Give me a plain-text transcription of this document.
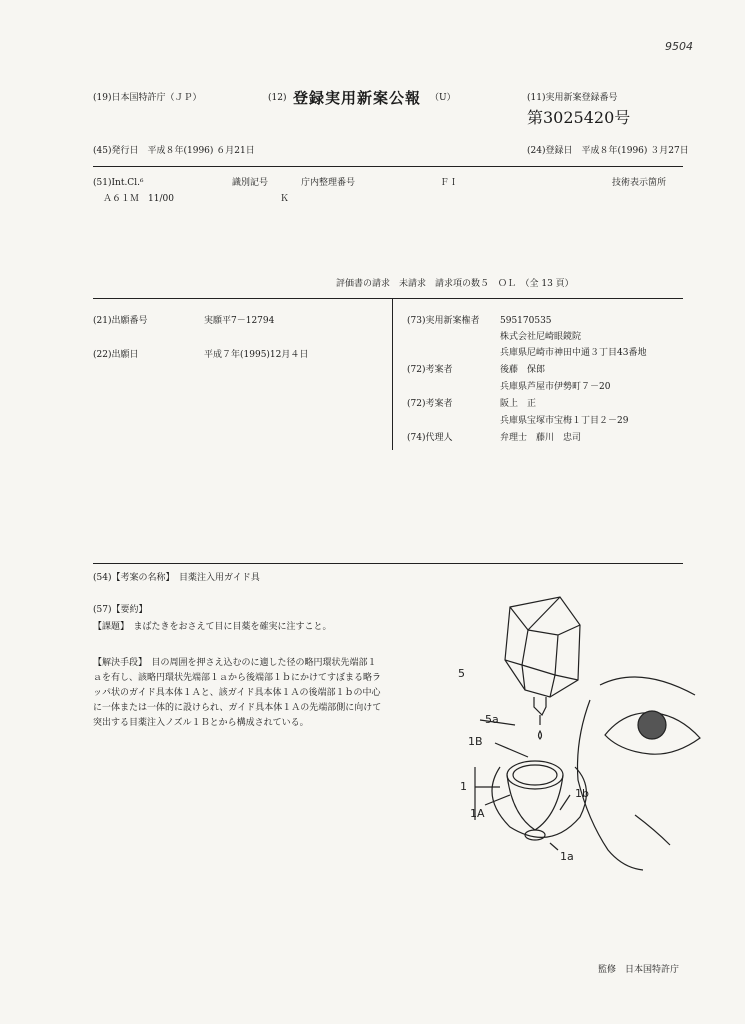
9504
(19)日本国特許庁（ＪＰ）	(12) 登録実用新案公報 （U）	(11)実用新案登録番号
第3025420号
(45)発行日　平成８年(1996) ６月21日	(24)登録日　平成８年(1996) ３月27日
(51)Int.Cl.⁶	識別記号	庁内整理番号	ＦＩ	技術表示箇所
Ａ６１Ｍ　11/00	Ｋ
評価書の請求　未請求　請求項の数５　ＯＬ　（全 13 頁）
(21)出願番号	実願平7－12794
(22)出願日	平成７年(1995)12月４日
(73)実用新案権者 595170535
株式会社尼崎眼鏡院
兵庫県尼崎市神田中通３丁目43番地
(72)考案者	後藤　保郎
兵庫県芦屋市伊勢町７－20
(72)考案者	阪上　正
兵庫県宝塚市宝梅１丁目２－29
(74)代理人	弁理士　藤川　忠司
(54)【考案の名称】　目薬注入用ガイド具
(57)【要約】
【課題】　まばたきをおさえて目に目薬を確実に注すこと。
【解決手段】　目の周囲を押さえ込むのに適した径の略円環状先端部１ａを有し、該略円環状先端部１ａから後端部１ｂにかけてすぼまる略ラッパ状のガイド具本体１Ａと、該ガイド具本体１Ａの後端部１ｂの中心に一体または一体的に設けられ、ガイド具本体１Ａの先端部側に向けて突出する目薬注入ノズル１Ｂとから構成されている。
5
5a
1B
1
1A
1b
1a
監修　日本国特許庁
